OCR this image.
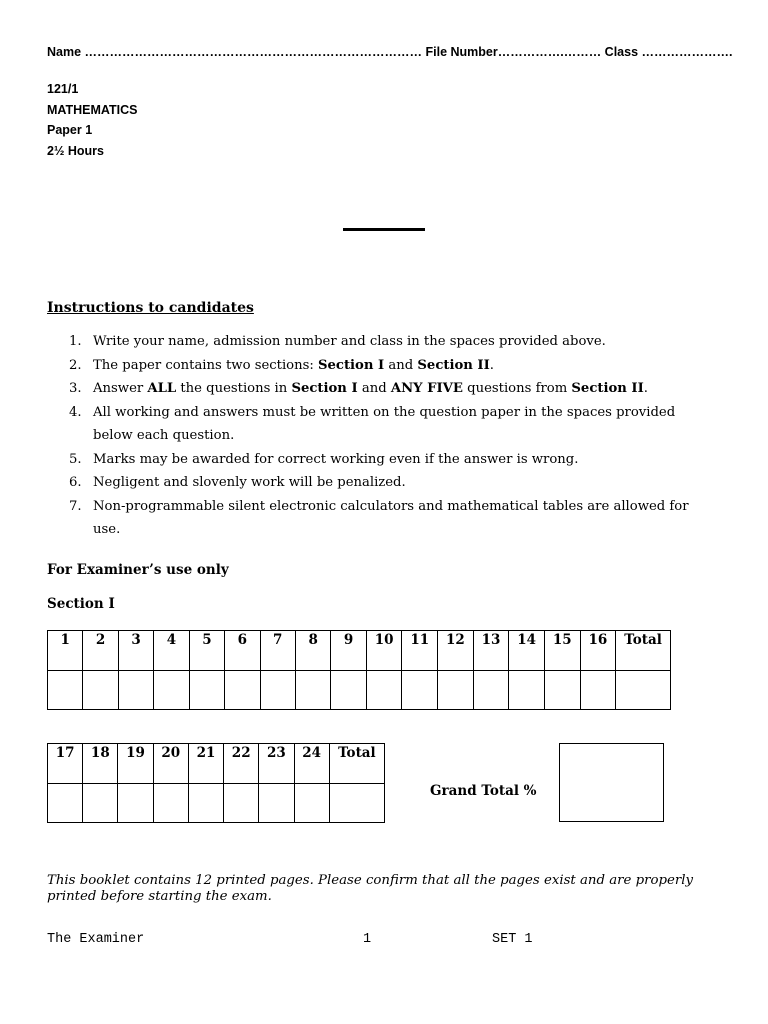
Name ……………………………………………………………………… File Number…………….……… Class ………………….
121/1
MATHEMATICS
Paper 1
2½ Hours
Instructions to candidates
1. Write your name, admission number and class in the spaces provided above.
2. The paper contains two sections: Section I and Section II.
3. Answer ALL the questions in Section I and ANY FIVE questions from Section II.
4. All working and answers must be written on the question paper in the spaces provided below each question.
5. Marks may be awarded for correct working even if the answer is wrong.
6. Negligent and slovenly work will be penalized.
7. Non-programmable silent electronic calculators and mathematical tables are allowed for use.
For Examiner’s use only
Section I
1	2	3	4	5	6	7	8	9	10	11	12	13	14	15	16	Total

17	18	19	20	21	22	23	24	Total

Grand Total %
This booklet contains 12 printed pages. Please confirm that all the pages exist and are properly printed before starting the exam.
The Examiner	1	SET 1
